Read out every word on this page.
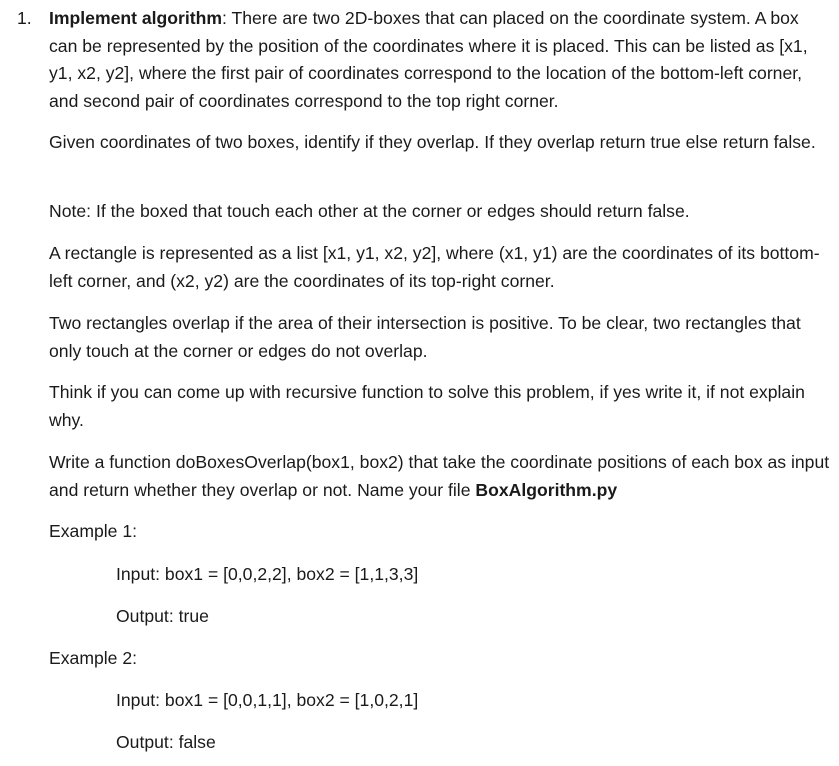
1. Implement algorithm: There are two 2D-boxes that can placed on the coordinate system. A box can be represented by the position of the coordinates where it is placed. This can be listed as [x1, y1, x2, y2], where the first pair of coordinates correspond to the location of the bottom-left corner, and second pair of coordinates correspond to the top right corner.

Given coordinates of two boxes, identify if they overlap. If they overlap return true else return false.

Note: If the boxed that touch each other at the corner or edges should return false.

A rectangle is represented as a list [x1, y1, x2, y2], where (x1, y1) are the coordinates of its bottom-left corner, and (x2, y2) are the coordinates of its top-right corner.

Two rectangles overlap if the area of their intersection is positive. To be clear, two rectangles that only touch at the corner or edges do not overlap.

Think if you can come up with recursive function to solve this problem, if yes write it, if not explain why.

Write a function doBoxesOverlap(box1, box2) that take the coordinate positions of each box as input and return whether they overlap or not. Name your file BoxAlgorithm.py

Example 1:

Input: box1 = [0,0,2,2], box2 = [1,1,3,3]

Output: true

Example 2:

Input: box1 = [0,0,1,1], box2 = [1,0,2,1]

Output: false
